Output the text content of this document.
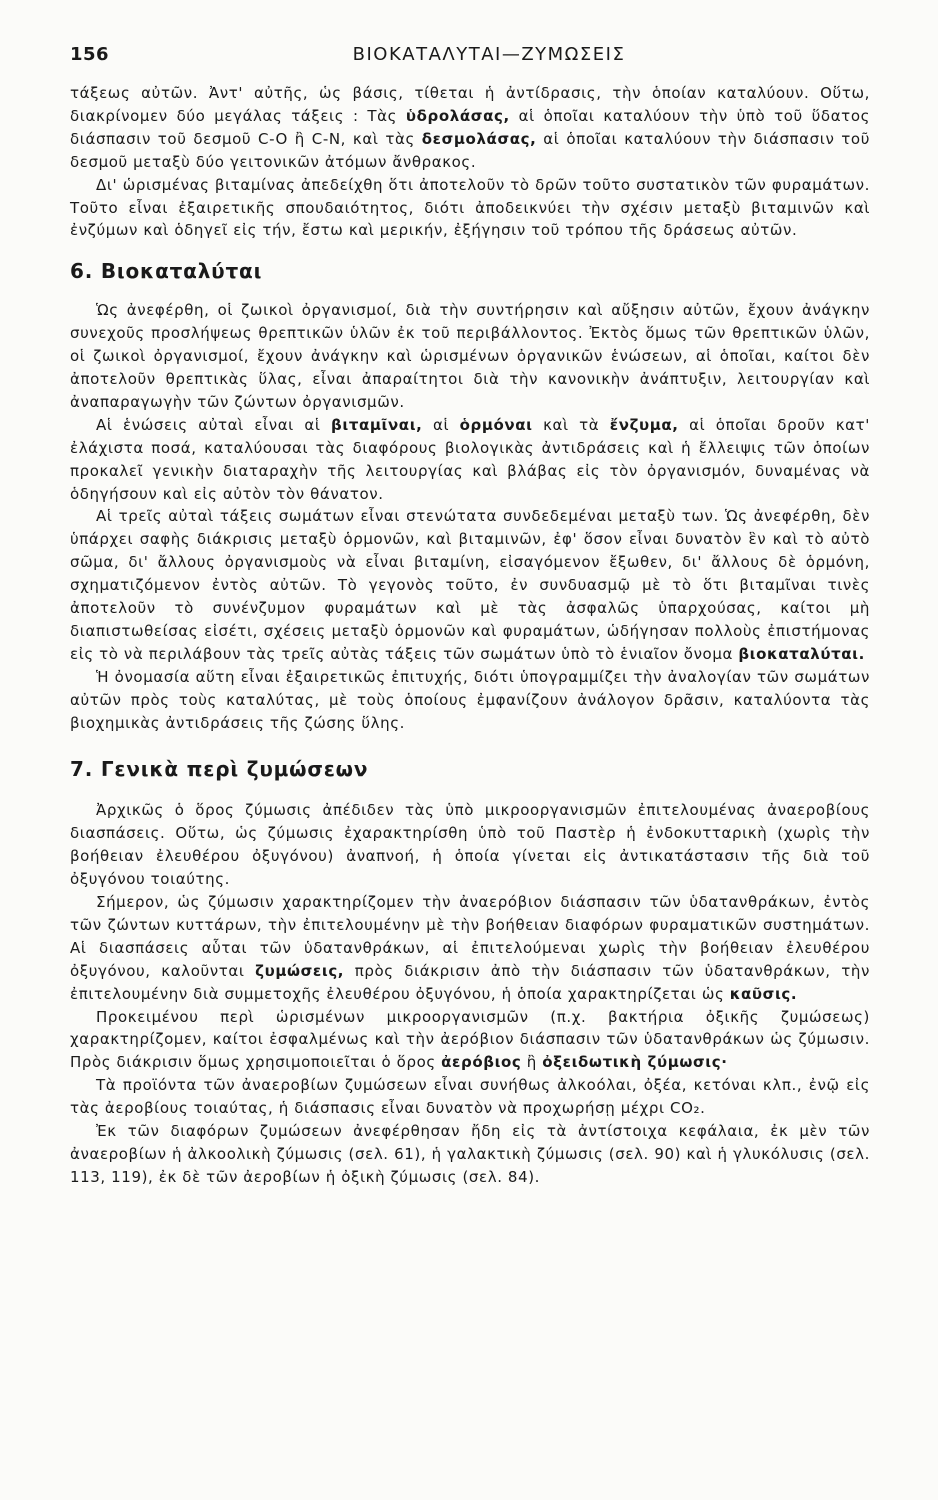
156	ΒΙΟΚΑΤΑΛΥΤΑΙ—ΖΥΜΩΣΕΙΣ

τάξεως αὐτῶν. Ἀντ' αὐτῆς, ὡς βάσις, τίθεται ἡ ἀντίδρασις, τὴν ὁποίαν καταλύουν. Οὕτω, διακρίνομεν δύο μεγάλας τάξεις : Τὰς ὑδρολάσας, αἱ ὁποῖαι καταλύουν τὴν ὑπὸ τοῦ ὕδατος διάσπασιν τοῦ δεσμοῦ C-O ἢ C-N, καὶ τὰς δεσμολάσας, αἱ ὁποῖαι καταλύουν τὴν διάσπασιν τοῦ δεσμοῦ μεταξὺ δύο γειτονικῶν ἀτόμων ἄνθρακος.

Δι' ὡρισμένας βιταμίνας ἀπεδείχθη ὅτι ἀποτελοῦν τὸ δρῶν τοῦτο συστατικὸν τῶν φυραμάτων. Τοῦτο εἶναι ἐξαιρετικῆς σπουδαιότητος, διότι ἀποδεικνύει τὴν σχέσιν μεταξὺ βιταμινῶν καὶ ἐνζύμων καὶ ὁδηγεῖ εἰς τήν, ἔστω καὶ μερικήν, ἐξήγησιν τοῦ τρόπου τῆς δράσεως αὐτῶν.

6. Βιοκαταλύται

Ὡς ἀνεφέρθη, οἱ ζωικοὶ ὀργανισμοί, διὰ τὴν συντήρησιν καὶ αὔξησιν αὐτῶν, ἔχουν ἀνάγκην συνεχοῦς προσλήψεως θρεπτικῶν ὑλῶν ἐκ τοῦ περιβάλλοντος. Ἐκτὸς ὅμως τῶν θρεπτικῶν ὑλῶν, οἱ ζωικοὶ ὀργανισμοί, ἔχουν ἀνάγκην καὶ ὡρισμένων ὀργανικῶν ἑνώσεων, αἱ ὁποῖαι, καίτοι δὲν ἀποτελοῦν θρεπτικὰς ὕλας, εἶναι ἀπαραίτητοι διὰ τὴν κανονικὴν ἀνάπτυξιν, λειτουργίαν καὶ ἀναπαραγωγὴν τῶν ζώντων ὀργανισμῶν.

Αἱ ἑνώσεις αὐταὶ εἶναι αἱ βιταμῖναι, αἱ ὁρμόναι καὶ τὰ ἔνζυμα, αἱ ὁποῖαι δροῦν κατ' ἐλάχιστα ποσά, καταλύουσαι τὰς διαφόρους βιολογικὰς ἀντιδράσεις καὶ ἡ ἔλλειψις τῶν ὁποίων προκαλεῖ γενικὴν διαταραχὴν τῆς λειτουργίας καὶ βλάβας εἰς τὸν ὀργανισμόν, δυναμένας νὰ ὁδηγήσουν καὶ εἰς αὐτὸν τὸν θάνατον.

Αἱ τρεῖς αὐταὶ τάξεις σωμάτων εἶναι στενώτατα συνδεδεμέναι μεταξὺ των. Ὡς ἀνεφέρθη, δὲν ὑπάρχει σαφὴς διάκρισις μεταξὺ ὁρμονῶν, καὶ βιταμινῶν, ἐφ' ὅσον εἶναι δυνατὸν ἓν καὶ τὸ αὐτὸ σῶμα, δι' ἄλλους ὀργανισμοὺς νὰ εἶναι βιταμίνη, εἰσαγόμενον ἔξωθεν, δι' ἄλλους δὲ ὁρμόνη, σχηματιζόμενον ἐντὸς αὐτῶν. Τὸ γεγονὸς τοῦτο, ἐν συνδυασμῷ μὲ τὸ ὅτι βιταμῖναι τινὲς ἀποτελοῦν τὸ συνένζυμον φυραμάτων καὶ μὲ τὰς ἀσφαλῶς ὑπαρχούσας, καίτοι μὴ διαπιστωθείσας εἰσέτι, σχέσεις μεταξὺ ὁρμονῶν καὶ φυραμάτων, ὡδήγησαν πολλοὺς ἐπιστήμονας εἰς τὸ νὰ περιλάβουν τὰς τρεῖς αὐτὰς τάξεις τῶν σωμάτων ὑπὸ τὸ ἑνιαῖον ὄνομα βιοκαταλύται.

Ἡ ὀνομασία αὕτη εἶναι ἐξαιρετικῶς ἐπιτυχής, διότι ὑπογραμμίζει τὴν ἀναλογίαν τῶν σωμάτων αὐτῶν πρὸς τοὺς καταλύτας, μὲ τοὺς ὁποίους ἐμφανίζουν ἀνάλογον δρᾶσιν, καταλύοντα τὰς βιοχημικὰς ἀντιδράσεις τῆς ζώσης ὕλης.

7. Γενικὰ περὶ ζυμώσεων

Ἀρχικῶς ὁ ὅρος ζύμωσις ἀπέδιδεν τὰς ὑπὸ μικροοργανισμῶν ἐπιτελουμένας ἀναεροβίους διασπάσεις. Οὕτω, ὡς ζύμωσις ἐχαρακτηρίσθη ὑπὸ τοῦ Παστὲρ ἡ ἐνδοκυτταρικὴ (χωρὶς τὴν βοήθειαν ἐλευθέρου ὀξυγόνου) ἀναπνοή, ἡ ὁποία γίνεται εἰς ἀντικατάστασιν τῆς διὰ τοῦ ὀξυγόνου τοιαύτης.

Σήμερον, ὡς ζύμωσιν χαρακτηρίζομεν τὴν ἀναερόβιον διάσπασιν τῶν ὑδατανθράκων, ἐντὸς τῶν ζώντων κυττάρων, τὴν ἐπιτελουμένην μὲ τὴν βοήθειαν διαφόρων φυραματικῶν συστημάτων. Αἱ διασπάσεις αὗται τῶν ὑδατανθράκων, αἱ ἐπιτελούμεναι χωρὶς τὴν βοήθειαν ἐλευθέρου ὀξυγόνου, καλοῦνται ζυμώσεις, πρὸς διάκρισιν ἀπὸ τὴν διάσπασιν τῶν ὑδατανθράκων, τὴν ἐπιτελουμένην διὰ συμμετοχῆς ἐλευθέρου ὀξυγόνου, ἡ ὁποία χαρακτηρίζεται ὡς καῦσις.

Προκειμένου περὶ ὡρισμένων μικροοργανισμῶν (π.χ. βακτήρια ὀξικῆς ζυμώσεως) χαρακτηρίζομεν, καίτοι ἐσφαλμένως καὶ τὴν ἀερόβιον διάσπασιν τῶν ὑδατανθράκων ὡς ζύμωσιν. Πρὸς διάκρισιν ὅμως χρησιμοποιεῖται ὁ ὅρος ἀερόβιος ἢ ὀξειδωτικὴ ζύμωσις·

Τὰ προϊόντα τῶν ἀναεροβίων ζυμώσεων εἶναι συνήθως ἀλκοόλαι, ὀξέα, κετόναι κλπ., ἐνῷ εἰς τὰς ἀεροβίους τοιαύτας, ἡ διάσπασις εἶναι δυνατὸν νὰ προχωρήσῃ μέχρι CO₂.

Ἐκ τῶν διαφόρων ζυμώσεων ἀνεφέρθησαν ἤδη εἰς τὰ ἀντίστοιχα κεφάλαια, ἐκ μὲν τῶν ἀναεροβίων ἡ ἀλκοολικὴ ζύμωσις (σελ. 61), ἡ γαλακτικὴ ζύμωσις (σελ. 90) καὶ ἡ γλυκόλυσις (σελ. 113, 119), ἐκ δὲ τῶν ἀεροβίων ἡ ὀξικὴ ζύμωσις (σελ. 84).
